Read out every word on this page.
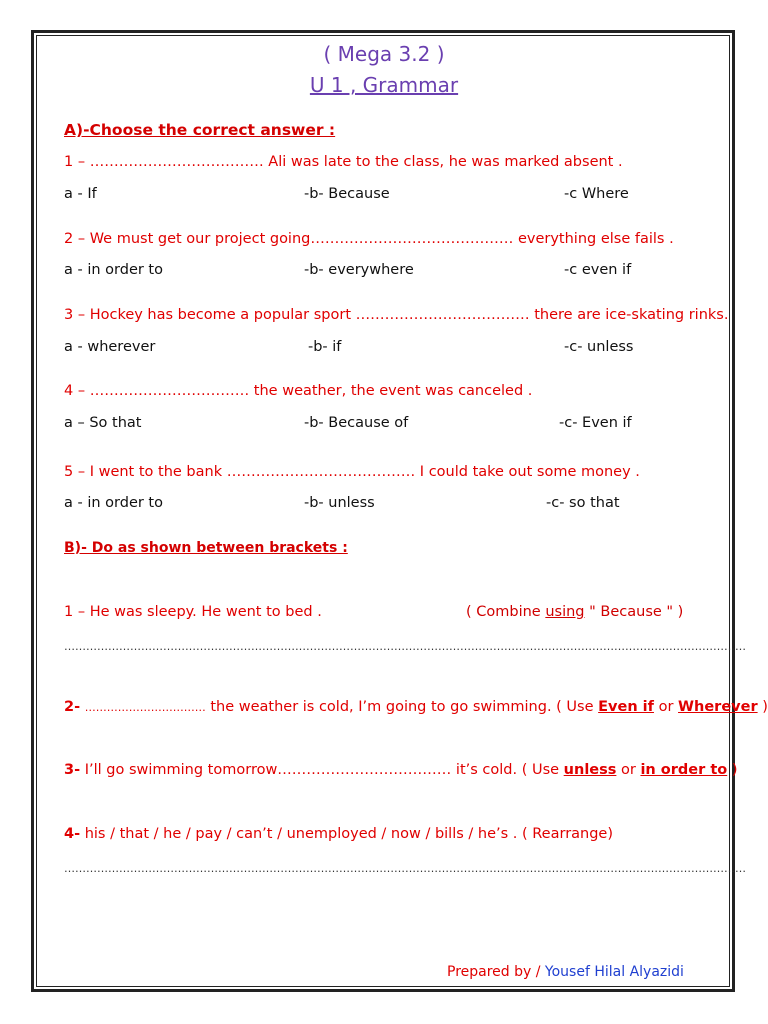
( Mega 3.2 )
U 1 , Grammar
A)-Choose the correct answer :
1 – ……………………………… Ali was late to the class, he was marked absent .
a - If	-b- Because	-c Where
2 – We must get our project going…………………………………… everything else fails .
a - in order to	-b- everywhere	-c even if
3 – Hockey has become a popular sport ……………………………… there are ice-skating rinks.
a - wherever	-b- if	-c- unless
4 – …………………………… the weather, the event was canceled .
a – So that	-b- Because of	-c- Even if
5 – I went to the bank ………………………………… I could take out some money .
a - in order to	-b- unless	-c- so that
B)- Do as shown between brackets :
1 – He was sleepy. He went to bed .	( Combine using " Because " )
……………………………………………………………………………………………………………………………………………………………………
2- …………………………… the weather is cold, I’m going to go swimming. ( Use Even if or Wherever )
3- I’ll go swimming tomorrow……………………………… it’s cold. ( Use unless or in order to )
4- his / that / he / pay / can’t / unemployed / now / bills / he’s . ( Rearrange)
……………………………………………………………………………………………………………………………………………………………………
Prepared by / Yousef Hilal Alyazidi
